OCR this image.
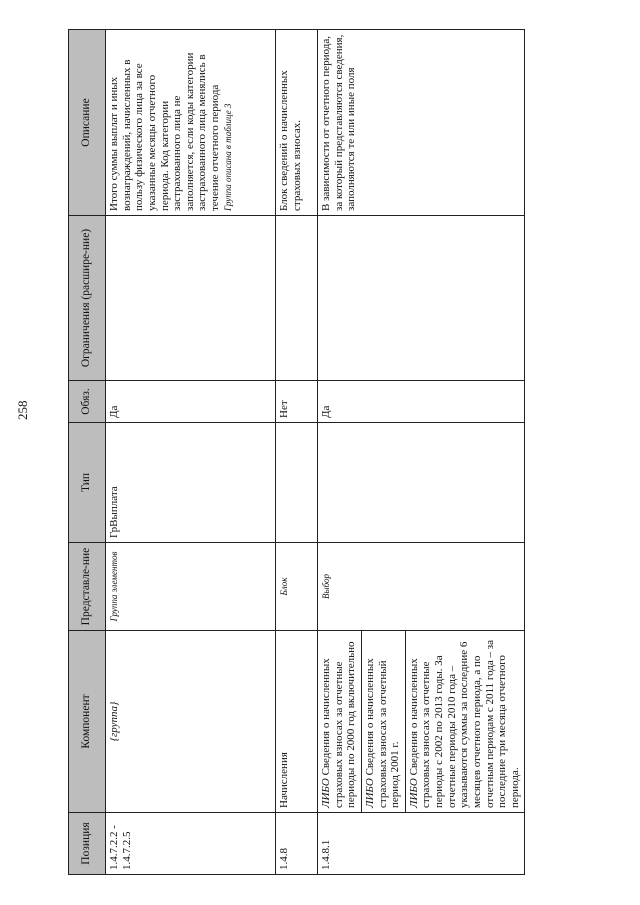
258
Позиция	Компонент	Представле-ние	Тип	Обяз.	Ограничения (расшире-ние)	Описание
1.4.7.2.2 - 1.4.7.2.5	{группа}	Группа элементов	ГрВыплата	Да		Итого суммы выплат и иных вознаграждений, начисленных в пользу физического лица за все указанные месяцы отчетного периода. Код категории застрахованного лица не заполняется, если коды категории застрахованного лица менялись в течение отчетного периода Группа описана в таблице 3
1.4.8	Начисления	Блок		Нет		Блок сведений о начисленных страховых взносах.
1.4.8.1	ЛИБО Сведения о начисленных страховых взносах за отчетные периоды по 2000 год включительно ЛИБО Сведения о начисленных страховых взносах за отчетный период 2001 г. ЛИБО Сведения о начисленных страховых взносах за отчетные периоды с 2002 по 2013 годы. За отчетные периоды 2010 года – указываются суммы за последние 6 месяцев отчетного периода, а по отчетным периодам с 2011 года – за последние три месяца отчетного периода.	Выбор		Да		В зависимости от отчетного периода, за который представляются сведения, заполняются те или иные поля
